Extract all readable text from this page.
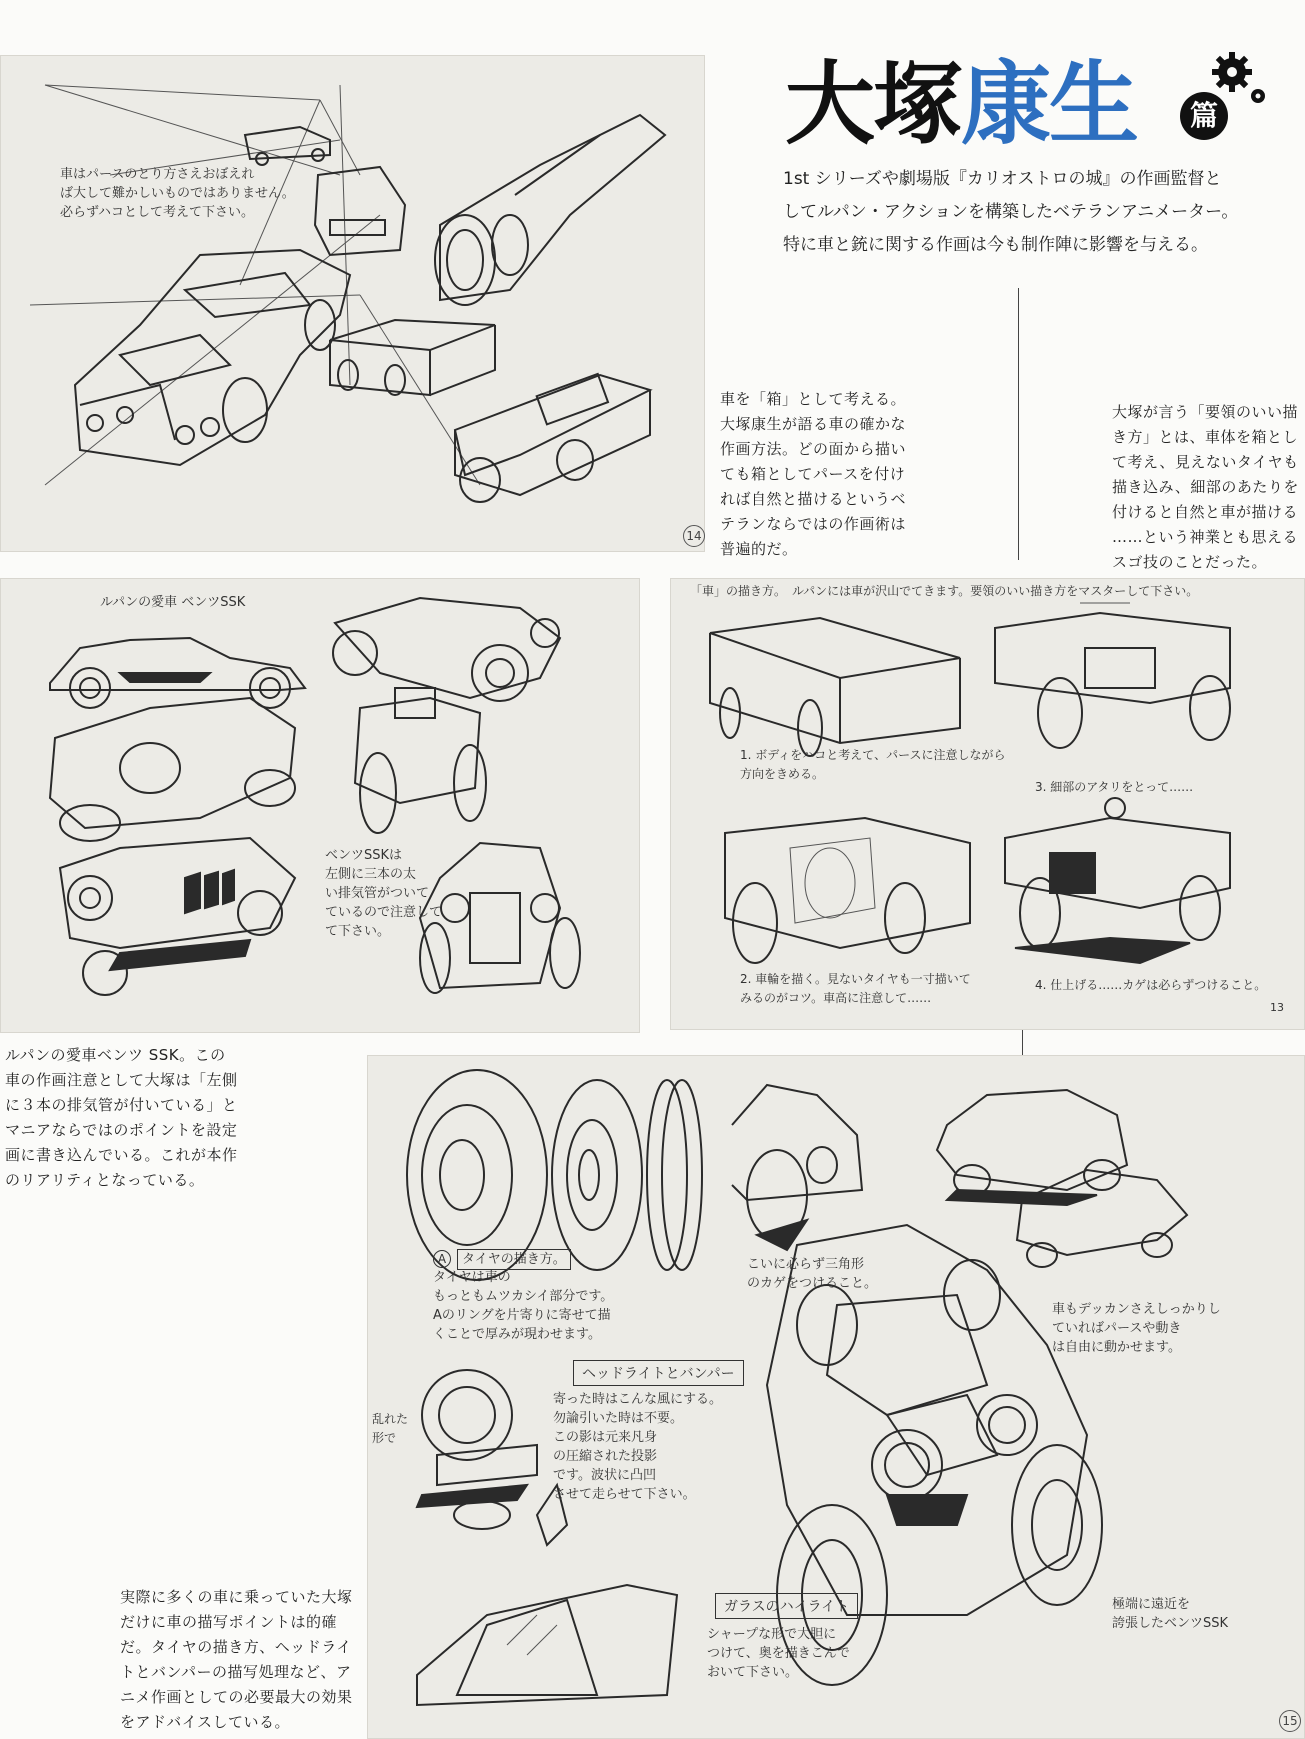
大塚康生	篇
1st シリーズや劇場版『カリオストロの城』の作画監督と
してルパン・アクションを構築したベテランアニメーター。
特に車と銃に関する作画は今も制作陣に影響を与える。
車はパースのとり方さえおぼえれ
ば大して難かしいものではありません。
必らずハコとして考えて下さい。
14
車を「箱」として考える。
大塚康生が語る車の確かな
作画方法。どの面から描い
ても箱としてパースを付け
れば自然と描けるというベ
テランならではの作画術は
普遍的だ。
大塚が言う「要領のいい描
き方」とは、車体を箱とし
て考え、見えないタイヤも
描き込み、細部のあたりを
付けると自然と車が描ける
……という神業とも思える
スゴ技のことだった。
ルパンの愛車 ベンツSSK
ベンツSSKは
左側に三本の太
い排気管がついて
ているので注意して
て下さい。
「車」の描き方。　ルパンには車が沢山でてきます。要領のいい描き方をマスターして下さい。
1. ボディをハコと考えて、パースに注意しながら
方向をきめる。
2. 車輪を描く。見ないタイヤも一寸描いて
みるのがコツ。車高に注意して……
3. 細部のアタリをとって……
4. 仕上げる……カゲは必らずつけること。
13
ルパンの愛車ベンツ SSK。この
車の作画注意として大塚は「左側
に３本の排気管が付いている」と
マニアならではのポイントを設定
画に書き込んでいる。これが本作
のリアリティとなっている。
A	タイヤの描き方。
タイヤは車の
もっともムツカシイ部分です。
Aのリングを片寄りに寄せて描
くことで厚みが現わせます。
こいに必らず三角形
のカゲをつけること。
車もデッカンさえしっかりし
ていればパースや動き
は自由に動かせます。
ヘッドライトとバンパー
寄った時はこんな風にする。
勿論引いた時は不要。
この影は元来凡身
の圧縮された投影
です。波状に凸凹
させて走らせて下さい。
乱れた
形で
ガラスのハイライト
シャープな形で大胆に
つけて、奥を描きこんで
おいて下さい。
極端に遠近を
誇張したベンツSSK
15
実際に多くの車に乗っていた大塚
だけに車の描写ポイントは的確
だ。タイヤの描き方、ヘッドライ
トとバンパーの描写処理など、ア
ニメ作画としての必要最大の効果
をアドバイスしている。
